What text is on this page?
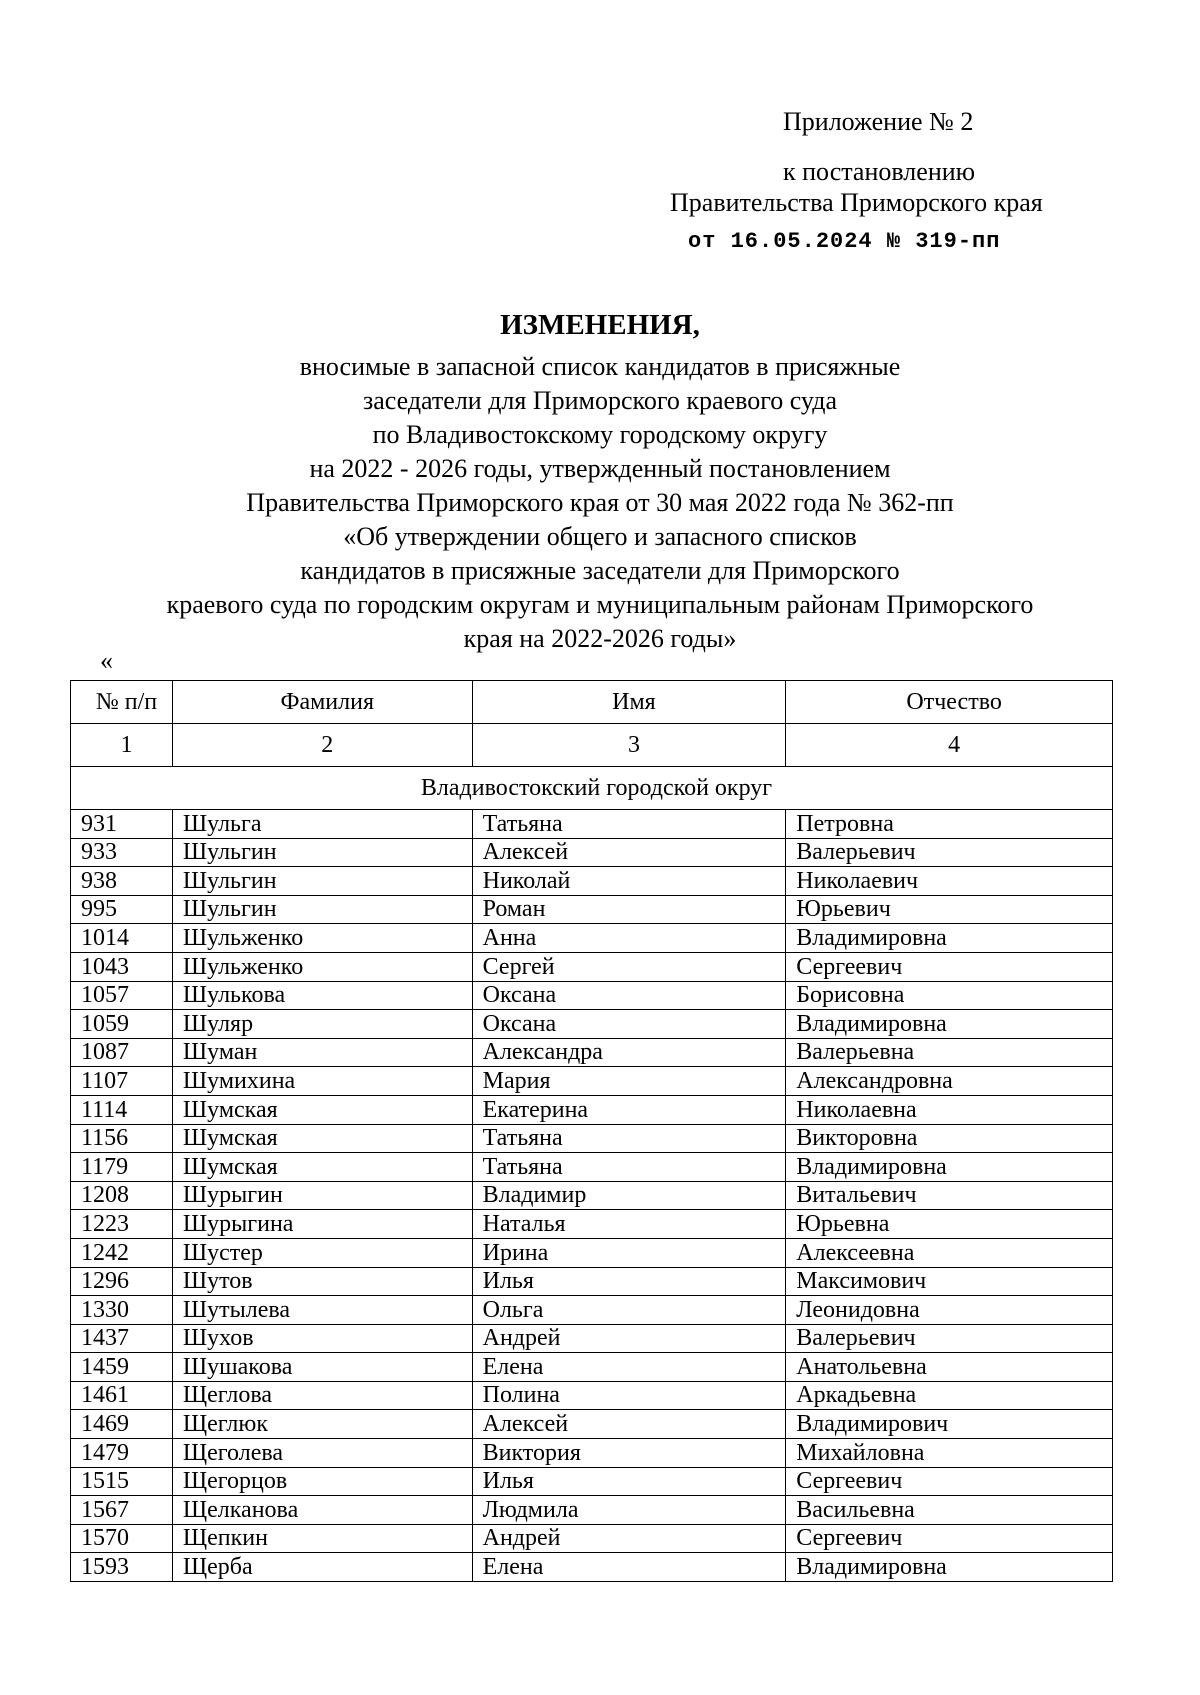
Приложение № 2
к постановлению
Правительства Приморского края
от 16.05.2024 № 319-пп
ИЗМЕНЕНИЯ,
вносимые в запасной список кандидатов в присяжные
заседатели для Приморского краевого суда
по Владивостокскому городскому округу
на 2022 - 2026 годы, утвержденный постановлением
Правительства Приморского края от 30 мая 2022 года № 362-пп
«Об утверждении общего и запасного списков
кандидатов в присяжные заседатели для Приморского
краевого суда по городским округам и муниципальным районам Приморского
края на 2022-2026 годы»
«
№ п/п	Фамилия	Имя	Отчество
1	2	3	4
Владивостокский городской округ			
931	Шульга	Татьяна	Петровна
933	Шульгин	Алексей	Валерьевич
938	Шульгин	Николай	Николаевич
995	Шульгин	Роман	Юрьевич
1014	Шульженко	Анна	Владимировна
1043	Шульженко	Сергей	Сергеевич
1057	Шулькова	Оксана	Борисовна
1059	Шуляр	Оксана	Владимировна
1087	Шуман	Александра	Валерьевна
1107	Шумихина	Мария	Александровна
1114	Шумская	Екатерина	Николаевна
1156	Шумская	Татьяна	Викторовна
1179	Шумская	Татьяна	Владимировна
1208	Шурыгин	Владимир	Витальевич
1223	Шурыгина	Наталья	Юрьевна
1242	Шустер	Ирина	Алексеевна
1296	Шутов	Илья	Максимович
1330	Шутылева	Ольга	Леонидовна
1437	Шухов	Андрей	Валерьевич
1459	Шушакова	Елена	Анатольевна
1461	Щеглова	Полина	Аркадьевна
1469	Щеглюк	Алексей	Владимирович
1479	Щеголева	Виктория	Михайловна
1515	Щегорцов	Илья	Сергеевич
1567	Щелканова	Людмила	Васильевна
1570	Щепкин	Андрей	Сергеевич
1593	Щерба	Елена	Владимировна
